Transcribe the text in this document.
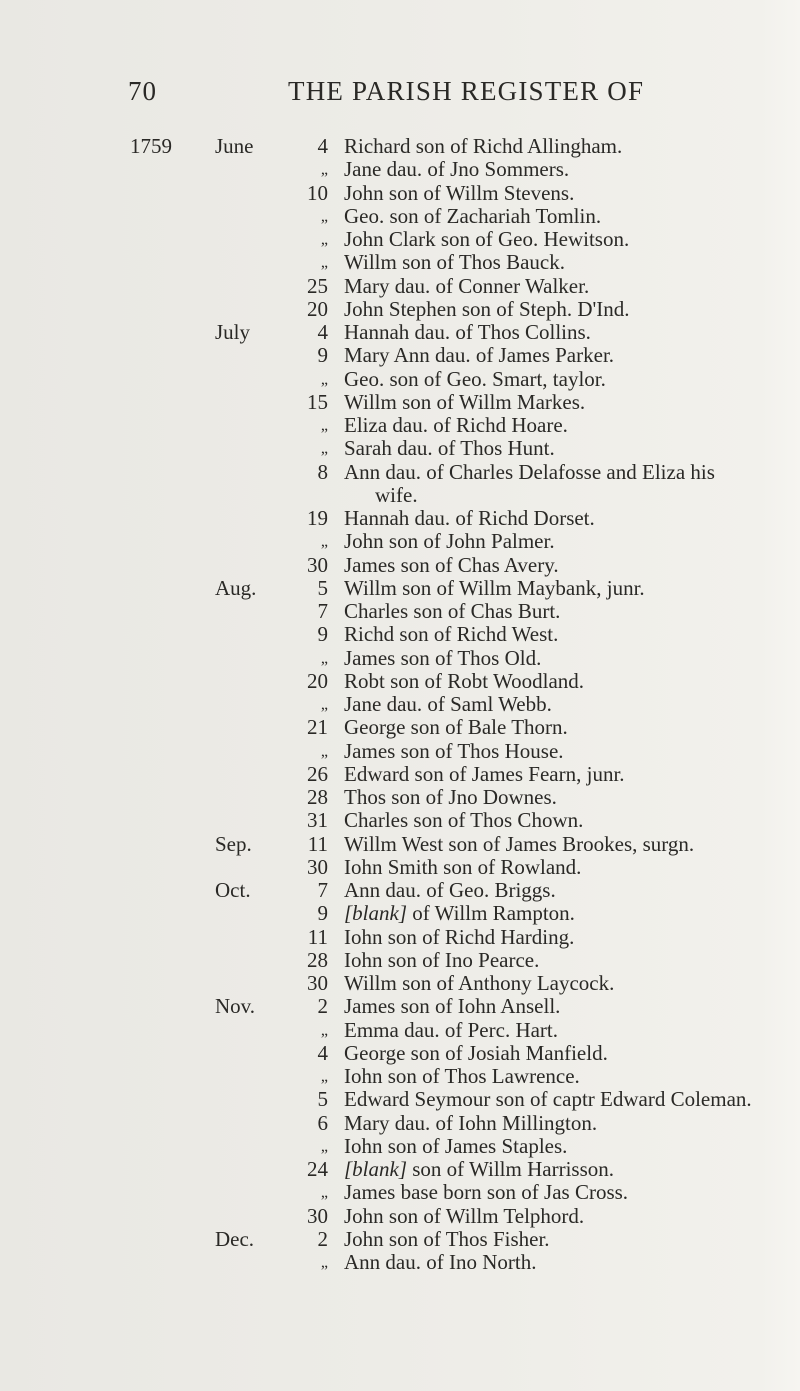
70	THE PARISH REGISTER OF
1759	June	4 Richard son of Richd Allingham.
„ Jane dau. of Jno Sommers.
10 John son of Willm Stevens.
„ Geo. son of Zachariah Tomlin.
„ John Clark son of Geo. Hewitson.
„ Willm son of Thos Bauck.
25 Mary dau. of Conner Walker.
20 John Stephen son of Steph. D'Ind.
July	4 Hannah dau. of Thos Collins.
9 Mary Ann dau. of James Parker.
„ Geo. son of Geo. Smart, taylor.
15 Willm son of Willm Markes.
„ Eliza dau. of Richd Hoare.
„ Sarah dau. of Thos Hunt.
8 Ann dau. of Charles Delafosse and Eliza his
wife.
19 Hannah dau. of Richd Dorset.
„ John son of John Palmer.
30 James son of Chas Avery.
Aug.	5 Willm son of Willm Maybank, junr.
7 Charles son of Chas Burt.
9 Richd son of Richd West.
„ James son of Thos Old.
20 Robt son of Robt Woodland.
„ Jane dau. of Saml Webb.
21 George son of Bale Thorn.
„ James son of Thos House.
26 Edward son of James Fearn, junr.
28 Thos son of Jno Downes.
31 Charles son of Thos Chown.
Sep.	11 Willm West son of James Brookes, surgn.
30 Iohn Smith son of Rowland.
Oct.	7 Ann dau. of Geo. Briggs.
9 [blank] of Willm Rampton.
11 Iohn son of Richd Harding.
28 Iohn son of Ino Pearce.
30 Willm son of Anthony Laycock.
Nov.	2 James son of Iohn Ansell.
„ Emma dau. of Perc. Hart.
4 George son of Josiah Manfield.
„ Iohn son of Thos Lawrence.
5 Edward Seymour son of captr Edward Coleman.
6 Mary dau. of Iohn Millington.
„ Iohn son of James Staples.
24 [blank] son of Willm Harrisson.
„ James base born son of Jas Cross.
30 John son of Willm Telphord.
Dec.	2 John son of Thos Fisher.
„ Ann dau. of Ino North.
